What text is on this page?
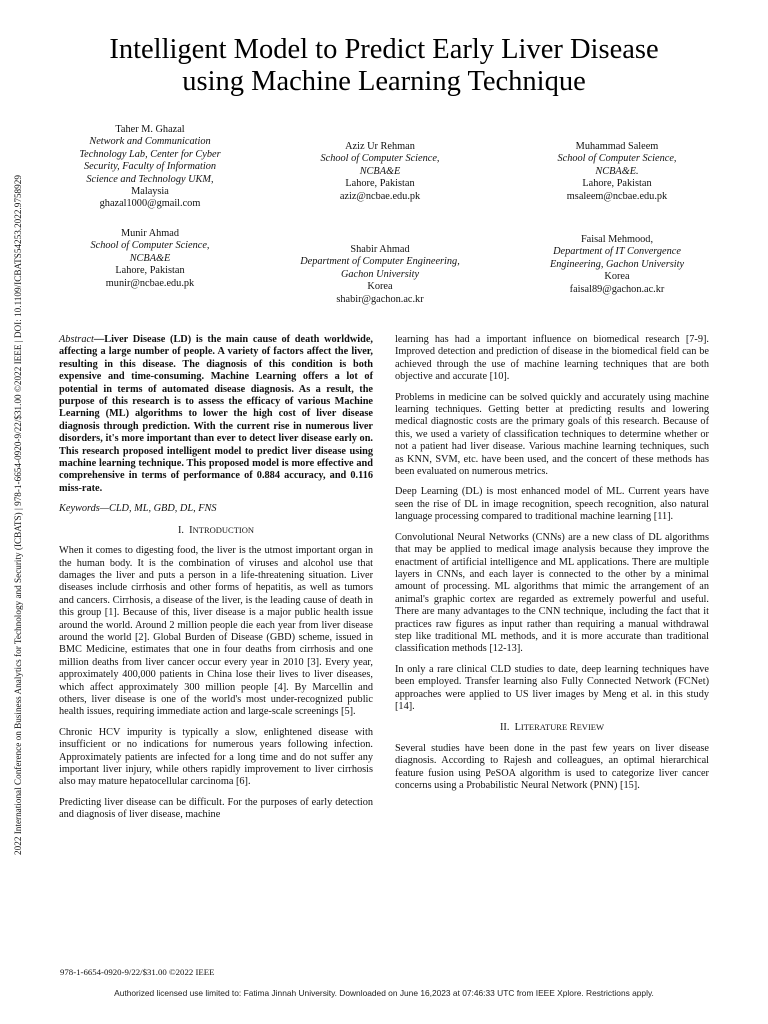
2022 International Conference on Business Analytics for Technology and Security (ICBATS) | 978-1-6654-0920-9/22/$31.00 ©2022 IEEE | DOI: 10.1109/ICBATS54253.2022.9758929
Intelligent Model to Predict Early Liver Disease
using Machine Learning Technique
Taher M. Ghazal
Network and Communication
Technology Lab, Center for Cyber
Security, Faculty of Information
Science and Technology UKM,
Malaysia
ghazal1000@gmail.com
Aziz Ur Rehman
School of Computer Science,
NCBA&E
Lahore, Pakistan
aziz@ncbae.edu.pk
Muhammad Saleem
School of Computer Science,
NCBA&E.
Lahore, Pakistan
msaleem@ncbae.edu.pk
Munir Ahmad
School of Computer Science,
NCBA&E
Lahore, Pakistan
munir@ncbae.edu.pk
Shabir Ahmad
Department of Computer Engineering,
Gachon University
Korea
shabir@gachon.ac.kr
Faisal Mehmood,
Department of IT Convergence
Engineering, Gachon University
Korea
faisal89@gachon.ac.kr

Abstract—Liver Disease (LD) is the main cause of death worldwide, affecting a large number of people. A variety of factors affect the liver, resulting in this disease. The diagnosis of this condition is both expensive and time-consuming. Machine Learning offers a lot of potential in terms of automated disease diagnosis. As a result, the purpose of this research is to assess the efficacy of various Machine Learning (ML) algorithms to lower the high cost of liver disease diagnosis through prediction. With the current rise in numerous liver disorders, it's more important than ever to detect liver disease early on. This research proposed intelligent model to predict liver disease using machine learning technique. This proposed model is more effective and comprehensive in terms of performance of 0.884 accuracy, and 0.116 miss-rate.

Keywords—CLD, ML, GBD, DL, FNS

I. INTRODUCTION

When it comes to digesting food, the liver is the utmost important organ in the human body. It is the combination of viruses and alcohol use that damages the liver and puts a person in a life-threatening situation. Liver diseases include cirrhosis and other forms of hepatitis, as well as tumors and cancers. Cirrhosis, a disease of the liver, is the leading cause of death in this group [1]. Because of this, liver disease is a major public health issue around the world. Around 2 million people die each year from liver disease around the world [2]. Global Burden of Disease (GBD) scheme, issued in BMC Medicine, estimates that one in four deaths from cirrhosis and one million deaths from liver cancer occur every year in 2010 [3]. Every year, approximately 400,000 patients in China lose their lives to liver diseases, which affect approximately 300 million people [4]. By Marcellin and others, liver disease is one of the world's most under-recognized public health issues, requiring immediate action and large-scale screenings [5].

Chronic HCV impurity is typically a slow, enlightened disease with insufficient or no indications for numerous years following infection. Approximately patients are infected for a long time and do not suffer any important liver injury, while others rapidly improvement to liver cirrhosis also may mature hepatocellular carcinoma [6].

Predicting liver disease can be difficult. For the purposes of early detection and diagnosis of liver disease, machine

learning has had a important influence on biomedical research [7-9]. Improved detection and prediction of disease in the biomedical field can be achieved through the use of machine learning techniques that are both objective and accurate [10].

Problems in medicine can be solved quickly and accurately using machine learning techniques. Getting better at predicting results and lowering medical diagnostic costs are the primary goals of this research. Because of this, we used a variety of classification techniques to determine whether or not a patient had liver disease. Various machine learning techniques, such as KNN, SVM, etc. have been used, and the concert of these methods has been evaluated on numerous metrics.

Deep Learning (DL) is most enhanced model of ML. Current years have seen the rise of DL in image recognition, speech recognition, also natural language processing compared to traditional machine learning [11].

Convolutional Neural Networks (CNNs) are a new class of DL algorithms that may be applied to medical image analysis because they improve the enactment of artificial intelligence and ML applications. There are multiple layers in CNNs, and each layer is connected to the other by a minimal amount of processing. ML algorithms that mimic the arrangement of an animal's graphic cortex are regarded as extremely powerful and useful. There are many advantages to the CNN technique, including the fact that it practices raw figures as input rather than requiring a manual withdrawal step like traditional ML methods, and it is more accurate than traditional classification methods [12-13].

In only a rare clinical CLD studies to date, deep learning techniques have been employed. Transfer learning also Fully Connected Network (FCNet) approaches were applied to US liver images by Meng et al. in this study [14].

II. LITERATURE REVIEW

Several studies have been done in the past few years on liver disease diagnosis. According to Rajesh and colleagues, an optimal hierarchical feature fusion using PeSOA algorithm is used to categorize liver cancer concerns using a Probabilistic Neural Network (PNN) [15].

978-1-6654-0920-9/22/$31.00 ©2022 IEEE
Authorized licensed use limited to: Fatima Jinnah University. Downloaded on June 16,2023 at 07:46:33 UTC from IEEE Xplore. Restrictions apply.
